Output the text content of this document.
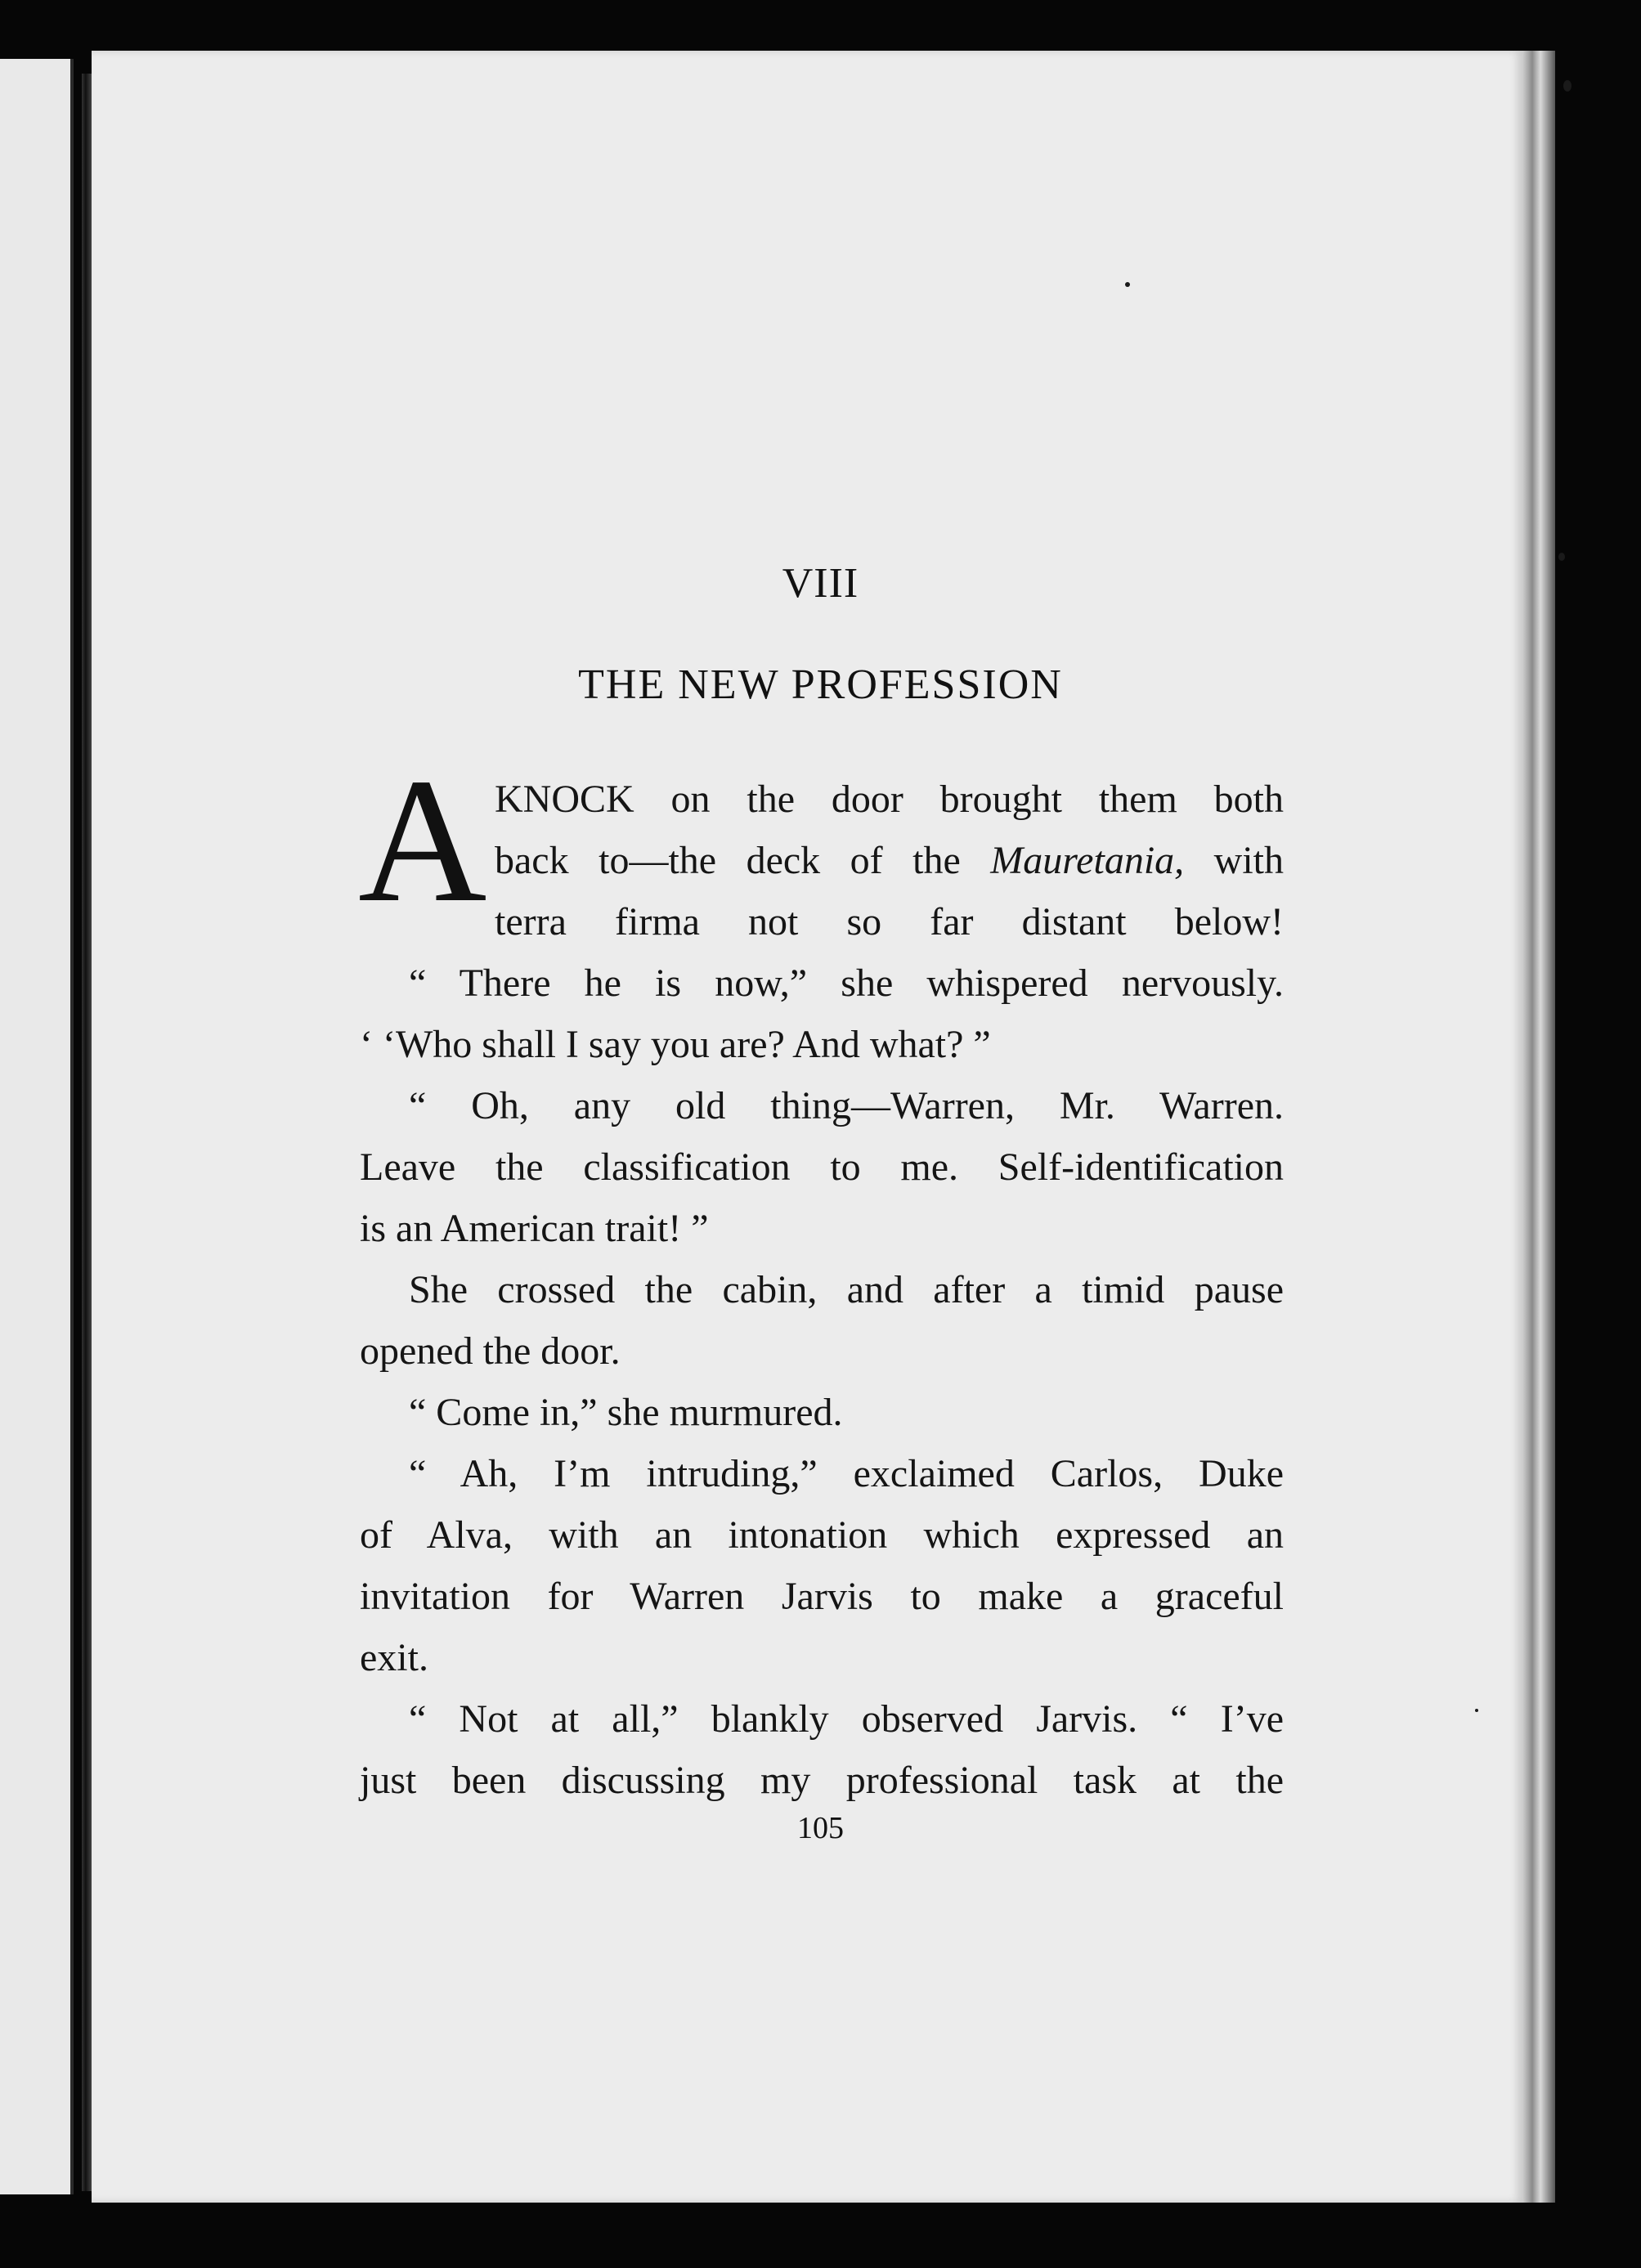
VIII
THE NEW PROFESSION
A KNOCK on the door brought them both
back to—the deck of the Mauretania, with
terra firma not so far distant below!
“ There he is now,” she whispered nervously.
‘ ‘Who shall I say you are? And what? ”
“ Oh, any old thing—Warren, Mr. Warren.
Leave the classification to me. Self-identification
is an American trait! ”
She crossed the cabin, and after a timid pause
opened the door.
“ Come in,” she murmured.
“ Ah, I’m intruding,” exclaimed Carlos, Duke
of Alva, with an intonation which expressed an
invitation for Warren Jarvis to make a graceful
exit.
“ Not at all,” blankly observed Jarvis. “ I’ve
just been discussing my professional task at the
105
